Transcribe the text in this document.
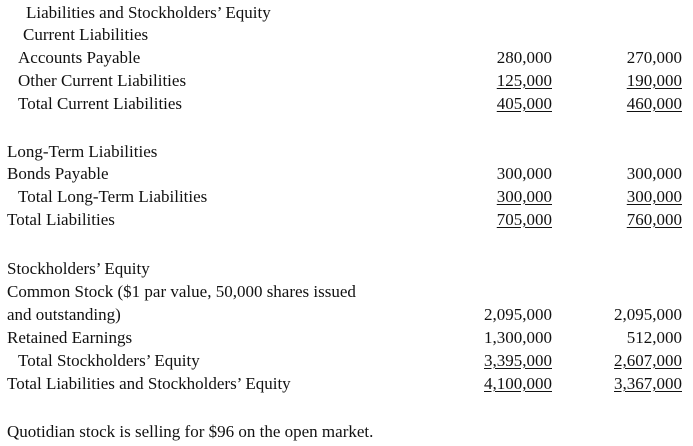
Liabilities and Stockholders’ Equity
Current Liabilities
Accounts Payable	280,000	270,000
Other Current Liabilities	125,000	190,000
Total Current Liabilities	405,000	460,000
Long-Term Liabilities
Bonds Payable	300,000	300,000
Total Long-Term Liabilities	300,000	300,000
Total Liabilities	705,000	760,000
Stockholders’ Equity
Common Stock ($1 par value, 50,000 shares issued
and outstanding)	2,095,000	2,095,000
Retained Earnings	1,300,000	512,000
Total Stockholders’ Equity	3,395,000	2,607,000
Total Liabilities and Stockholders’ Equity	4,100,000	3,367,000
Quotidian stock is selling for $96 on the open market.
